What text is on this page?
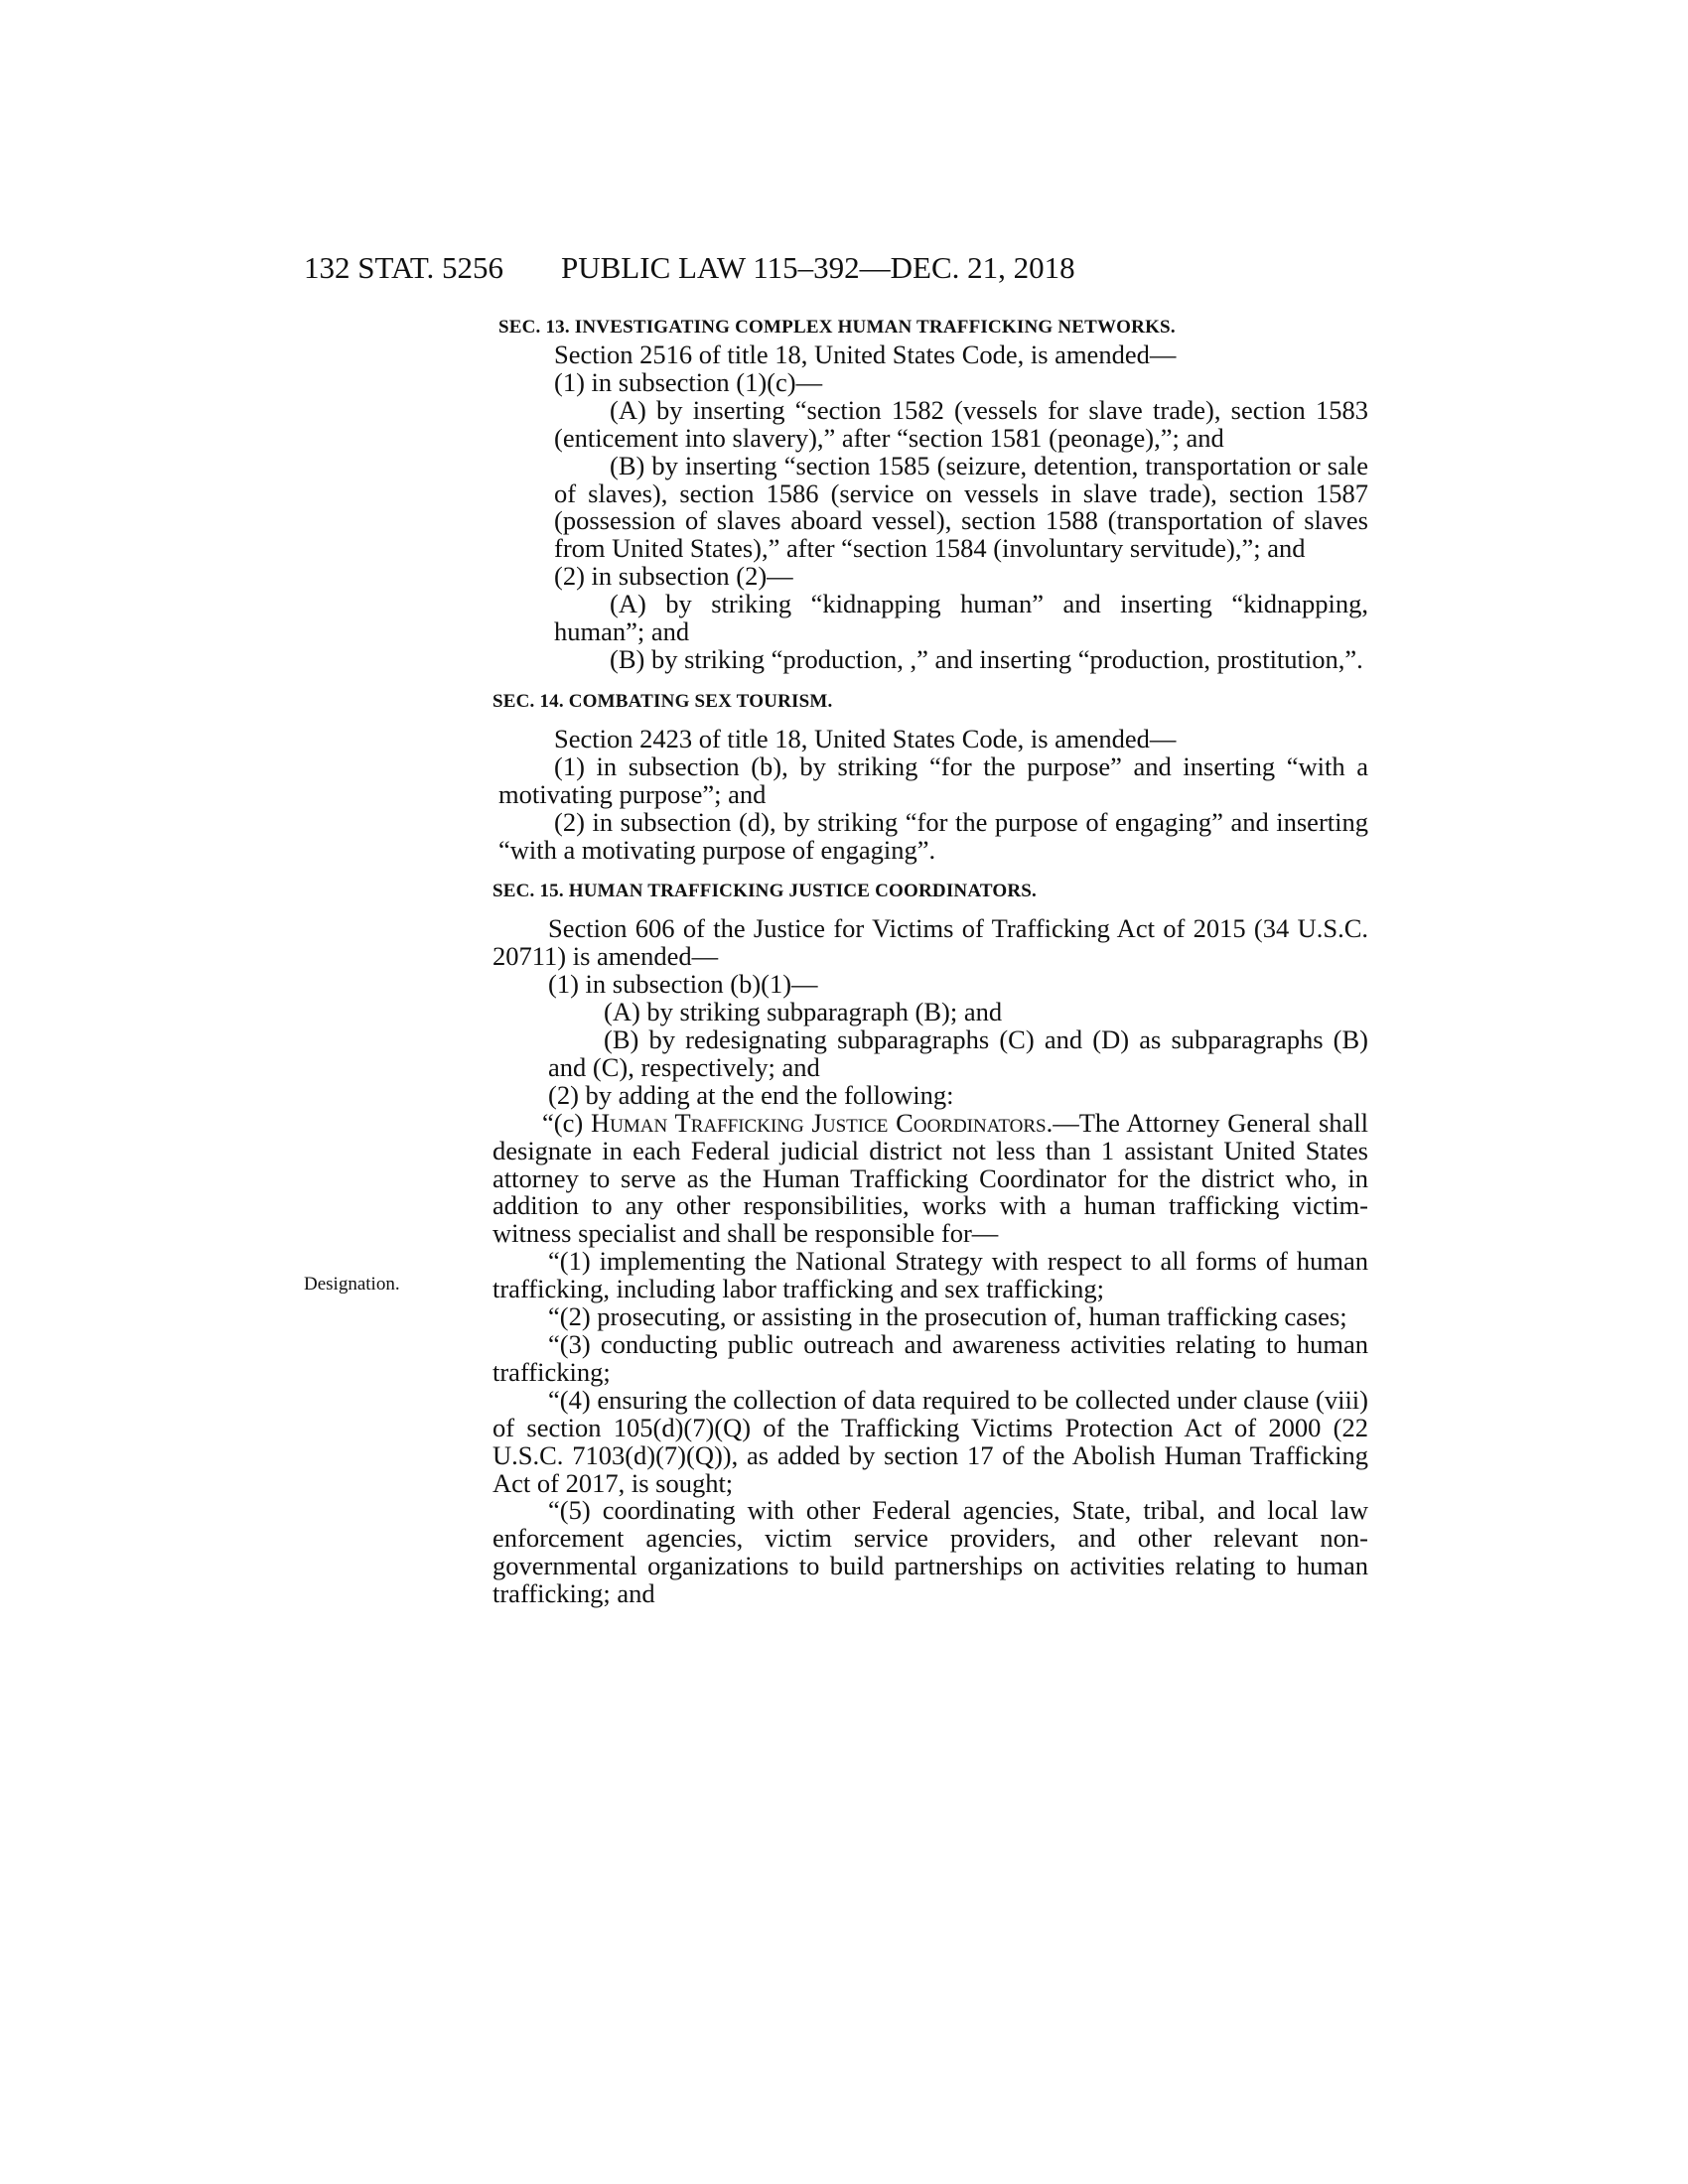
132 STAT. 5256 PUBLIC LAW 115–392—DEC. 21, 2018
Designation.

SEC. 13. INVESTIGATING COMPLEX HUMAN TRAFFICKING NETWORKS.

Section 2516 of title 18, United States Code, is amended—

(1) in subsection (1)(c)—

(A) by inserting “section 1582 (vessels for slave trade), section 1583 (enticement into slavery),” after “section 1581 (peonage),”; and

(B) by inserting “section 1585 (seizure, detention, transportation or sale of slaves), section 1586 (service on vessels in slave trade), section 1587 (possession of slaves aboard vessel), section 1588 (transportation of slaves from United States),” after “section 1584 (involuntary servitude),”; and

(2) in subsection (2)—

(A) by striking “kidnapping human” and inserting “kidnapping, human”; and

(B) by striking “production, ,” and inserting “production, prostitution,”.

SEC. 14. COMBATING SEX TOURISM.

Section 2423 of title 18, United States Code, is amended—

(1) in subsection (b), by striking “for the purpose” and inserting “with a motivating purpose”; and

(2) in subsection (d), by striking “for the purpose of engaging” and inserting “with a motivating purpose of engaging”.

SEC. 15. HUMAN TRAFFICKING JUSTICE COORDINATORS.

Section 606 of the Justice for Victims of Trafficking Act of 2015 (34 U.S.C. 20711) is amended—

(1) in subsection (b)(1)—

(A) by striking subparagraph (B); and

(B) by redesignating subparagraphs (C) and (D) as subparagraphs (B) and (C), respectively; and

(2) by adding at the end the following:

“(c) Human Trafficking Justice Coordinators.—The Attorney General shall designate in each Federal judicial district not less than 1 assistant United States attorney to serve as the Human Trafficking Coordinator for the district who, in addition to any other responsibilities, works with a human trafficking victim-witness specialist and shall be responsible for—

“(1) implementing the National Strategy with respect to all forms of human trafficking, including labor trafficking and sex trafficking;

“(2) prosecuting, or assisting in the prosecution of, human trafficking cases;

“(3) conducting public outreach and awareness activities relating to human trafficking;

“(4) ensuring the collection of data required to be collected under clause (viii) of section 105(d)(7)(Q) of the Trafficking Victims Protection Act of 2000 (22 U.S.C. 7103(d)(7)(Q)), as added by section 17 of the Abolish Human Trafficking Act of 2017, is sought;

“(5) coordinating with other Federal agencies, State, tribal, and local law enforcement agencies, victim service providers, and other relevant non-governmental organizations to build partnerships on activities relating to human trafficking; and
